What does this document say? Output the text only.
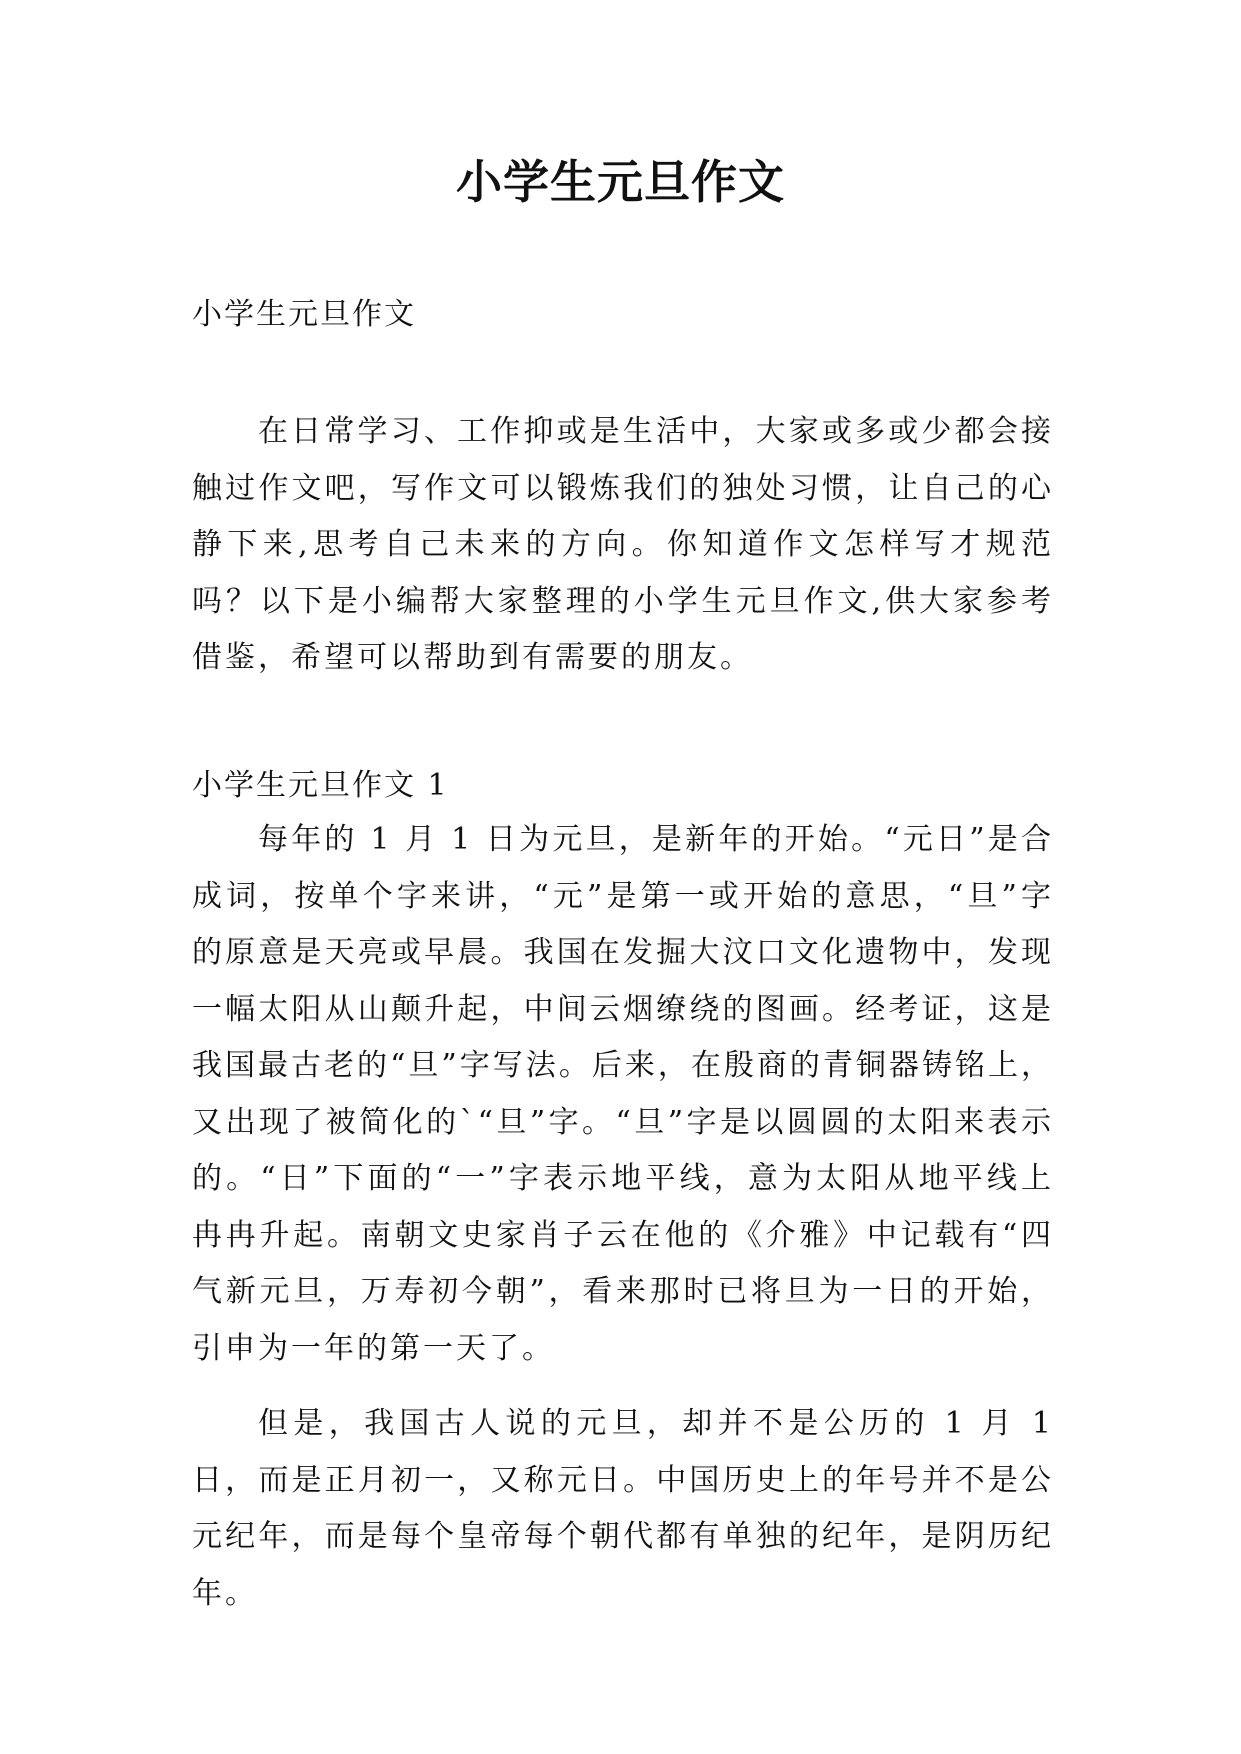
小学生元旦作文
小学生元旦作文

在日常学习、工作抑或是生活中，大家或多或少都会接触过作文吧，写作文可以锻炼我们的独处习惯，让自己的心静下来,思考自己未来的方向。你知道作文怎样写才规范吗？以下是小编帮大家整理的小学生元旦作文,供大家参考借鉴，希望可以帮助到有需要的朋友。

小学生元旦作文 1

每年的 1 月 1 日为元旦，是新年的开始。“元日”是合成词，按单个字来讲，“元”是第一或开始的意思，“旦”字的原意是天亮或早晨。我国在发掘大汶口文化遗物中，发现一幅太阳从山颠升起，中间云烟缭绕的图画。经考证，这是我国最古老的“旦”字写法。后来，在殷商的青铜器铸铭上，又出现了被简化的`“旦”字。“旦”字是以圆圆的太阳来表示的。“日”下面的“一”字表示地平线，意为太阳从地平线上冉冉升起。南朝文史家肖子云在他的《介雅》中记载有“四气新元旦，万寿初今朝”，看来那时已将旦为一日的开始，引申为一年的第一天了。

但是，我国古人说的元旦，却并不是公历的 1 月 1 日，而是正月初一，又称元日。中国历史上的年号并不是公元纪年，而是每个皇帝每个朝代都有单独的纪年，是阴历纪年。
